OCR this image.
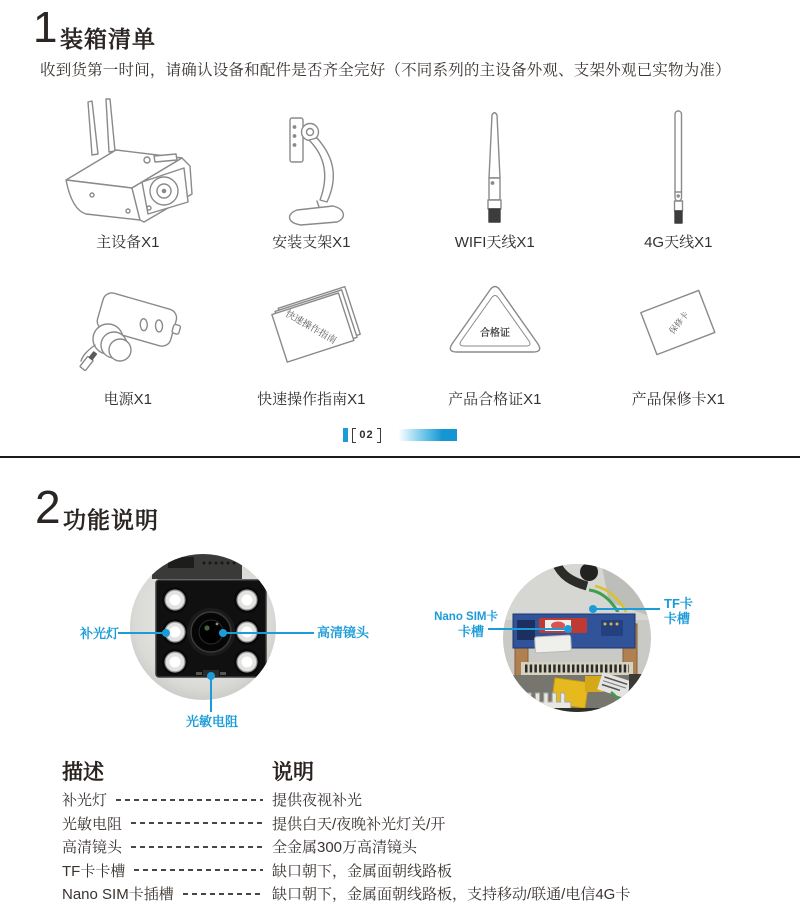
1 装箱清单
收到货第一时间，请确认设备和配件是否齐全完好（不同系列的主设备外观、支架外观已实物为准）
主设备X1	安装支架X1	WIFI天线X1	4G天线X1
电源X1
快速操作指南
快速操作指南X1
合格证
产品合格证X1
保修卡
产品保修卡X1
02
2 功能说明
补光灯	高清镜头
光敏电阻
Nano SIM卡
卡槽
TF卡
卡槽
描述	说明
补光灯	提供夜视补光
光敏电阻	提供白天/夜晚补光灯关/开
高清镜头	全金属300万高清镜头
TF卡卡槽	缺口朝下，金属面朝线路板
Nano SIM卡插槽	缺口朝下，金属面朝线路板，支持移动/联通/电信4G卡
